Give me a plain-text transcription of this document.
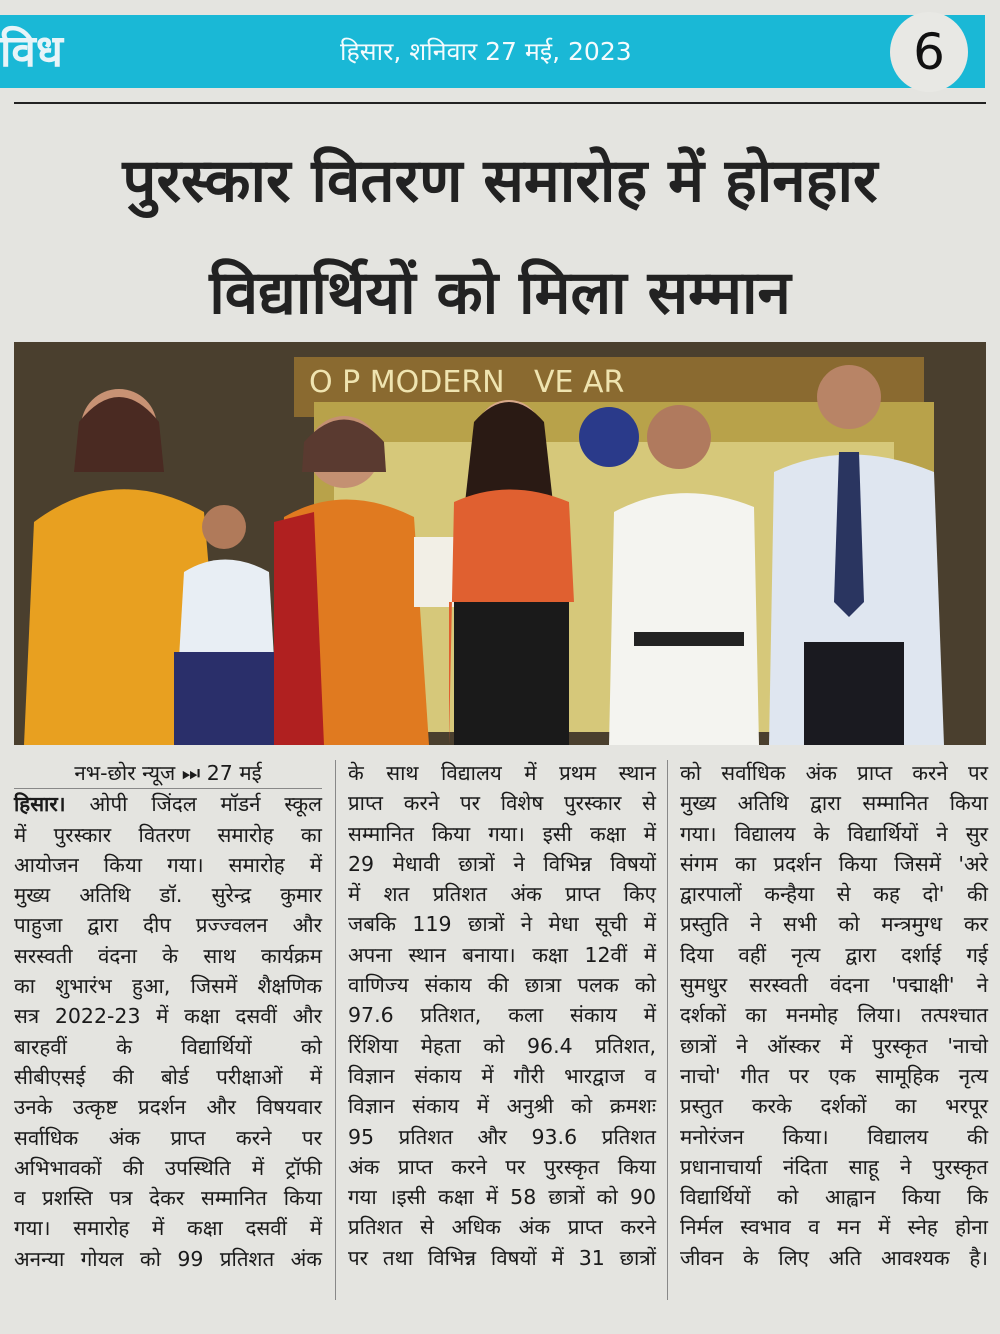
विध	हिसार, शनिवार 27 मई, 2023	6
पुरस्कार वितरण समारोह में होनहार
विद्यार्थियों को मिला सम्मान
O P MODERN VE AR
नभ-छोर न्यूज ⏭ 27 मई
हिसार। ओपी जिंदल मॉडर्न स्कूल
में पुरस्कार वितरण समारोह का
आयोजन किया गया। समारोह में
मुख्य अतिथि डॉ. सुरेन्द्र कुमार
पाहुजा द्वारा दीप प्रज्ज्वलन और
सरस्वती वंदना के साथ कार्यक्रम
का शुभारंभ हुआ, जिसमें शैक्षणिक
सत्र 2022-23 में कक्षा दसवीं और
बारहवीं के विद्यार्थियों को
सीबीएसई की बोर्ड परीक्षाओं में
उनके उत्कृष्ट प्रदर्शन और विषयवार
सर्वाधिक अंक प्राप्त करने पर
अभिभावकों की उपस्थिति में ट्रॉफी
व प्रशस्ति पत्र देकर सम्मानित किया
गया। समारोह में कक्षा दसवीं में
अनन्या गोयल को 99 प्रतिशत अंक
के साथ विद्यालय में प्रथम स्थान
प्राप्त करने पर विशेष पुरस्कार से
सम्मानित किया गया। इसी कक्षा में
29 मेधावी छात्रों ने विभिन्न विषयों
में शत प्रतिशत अंक प्राप्त किए
जबकि 119 छात्रों ने मेधा सूची में
अपना स्थान बनाया। कक्षा 12वीं में
वाणिज्य संकाय की छात्रा पलक को
97.6 प्रतिशत, कला संकाय में
रिंशिया मेहता को 96.4 प्रतिशत,
विज्ञान संकाय में गौरी भारद्वाज व
विज्ञान संकाय में अनुश्री को क्रमशः
95 प्रतिशत और 93.6 प्रतिशत
अंक प्राप्त करने पर पुरस्कृत किया
गया ।इसी कक्षा में 58 छात्रों को 90
प्रतिशत से अधिक अंक प्राप्त करने
पर तथा विभिन्न विषयों में 31 छात्रों
को सर्वाधिक अंक प्राप्त करने पर
मुख्य अतिथि द्वारा सम्मानित किया
गया। विद्यालय के विद्यार्थियों ने सुर
संगम का प्रदर्शन किया जिसमें 'अरे
द्वारपालों कन्हैया से कह दो' की
प्रस्तुति ने सभी को मन्त्रमुग्ध कर
दिया वहीं नृत्य द्वारा दर्शाई गई
सुमधुर सरस्वती वंदना 'पद्माक्षी' ने
दर्शकों का मनमोह लिया। तत्पश्चात
छात्रों ने ऑस्कर में पुरस्कृत 'नाचो
नाचो' गीत पर एक सामूहिक नृत्य
प्रस्तुत करके दर्शकों का भरपूर
मनोरंजन किया। विद्यालय की
प्रधानाचार्या नंदिता साहू ने पुरस्कृत
विद्यार्थियों को आह्वान किया कि
निर्मल स्वभाव व मन में स्नेह होना
जीवन के लिए अति आवश्यक है।
